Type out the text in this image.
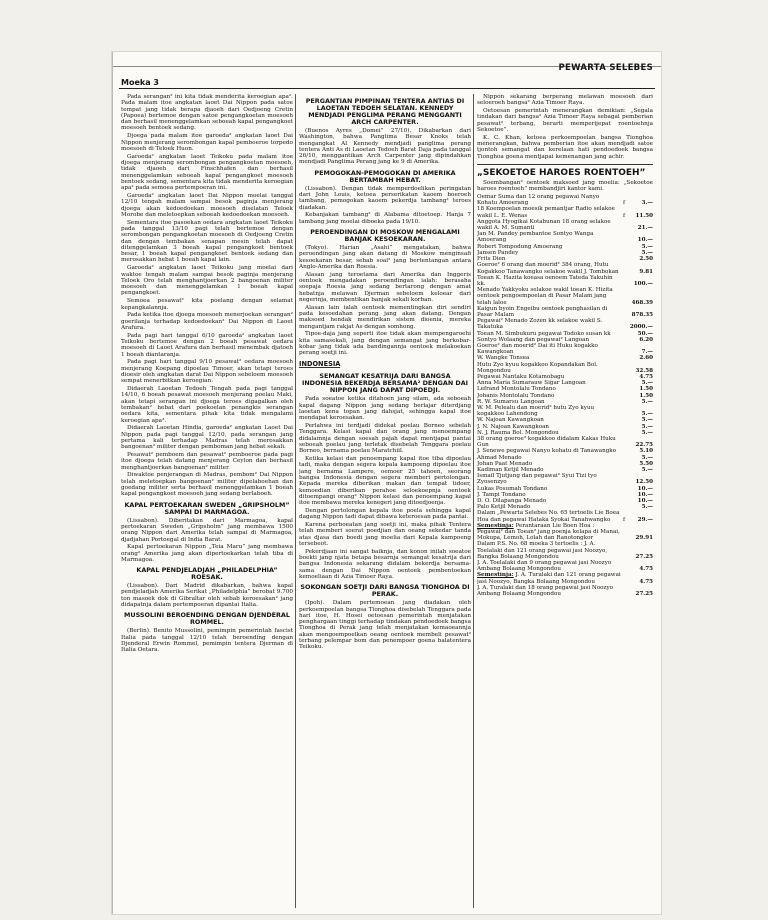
Moeka 3
PEWARTA SELEBES

Pada serangan² ini kita tidak menderita keroegian apa². Pada malam itoe angkatan laoet Dai Nippon pada satoe tempat jang tidak berapa djaoeh dari Oedjoeng Cretin (Papoea) bertemoe dengan satoe pengangkoetan moesoeh dan berhasil menenggelamkan seboeah kapal pengangkoet moesoeh bentoek sedang.

Djoega pada malam itoe garoeda² angkatan laoet Dai Nippon menjerang serombongan kapal pemboeroe torpedo moesoeh di Teloek Huon.

Garoeda² angkatan laoet Teikoku pada malam itoe djoega menjerang serombongan pengangkoetan moesoeh, tidak djaoeh dari Finschhafen dan berhasil menenggelamkan seboeah kapal pengangkoet moesoeh bentoek sedang, sementara kita tidak menderita keroegian apa² pada semoea pertempoeran ini.

Garoeda² angkatan laoet Dai Nippon moelai tanggal 12/10 tengah malam sampai besok paginja menjerang djoega akan kedoedoekan moesoeh diselatan Teloek Morobe dan meletoepkan seboeah kedoedoekan moesoeh.

Sementara itoe pasoekan oedara angkatan laoet Teikoku pada tanggal 13/10 pagi telah bertemoe dengan serombongan pengangkoetan moesoeh di Oedjoeng Cretin dan dengan tembakan senapan mesin telah dapat ditenggelamkan 3 boeah kapal pengangkoet bentoek besar, 1 boeah kapal pengangkoet bentoek sedang dan merosakkan hebat 1 boeah kapal lain.

Garoeda² angkatan laoet Teikoku jang moelai dari waktoe tengah malam sampai besok paginja menjerang Teloek Oro telah menghantjoerkan 2 bangoenan militer moesoeh dan menenggelamkan 1 boeah kapal pengangkoet.

Semoea pesawat² kita poelang dengan selamat kepangkalannja.

Pada ketika itoe djoega moesoeh menerjoekan serangan² goerilanja terhadap kedoedoekan² Dai Nippon di Laoet Arafura.

Pada pagi hari tanggal 6/10 garoeda² angkatan laoet Teikoku bertemoe dengan 2 boeah pesawat oedara moesoeh di Laoet Arafura dan berhasil menembak djatoeh 1 boeah diantaranja.

Pada pagi hari tanggal 9/10 pesawat² oedara moesoeh menjerang Koepang dipoelau Timoer, akan tetapi teroes dioesir oleh angkatan darat Dai Nippon sebeloem moesoeh sempat menerbitkan keroegian.

Didaerah Laoetan Tedoeh Tengah pada pagi tanggal 14/10, 6 boeah pesawat moesoeh menjerang poelau Maki, akan tetapi serangan ini djoega teroes digagalkan oleh tembakan² hebat dari poekoelan penangkis serangan oedara kita, sementara pihak kita tidak mengalami keroegian apa².

Didaerah Laoetan Hindia, garoeda² angkatan Laoet Dai Nippon pada pagi tanggal 12/10, pada serangan jang pertama kali terhadap Madras telah merosakkan bangoenan² militer dengan pemboman jang hebat sekali.

Pesawat² pemboem dan pesawat² pemboeroe pada pagi itoe djoega telah datang menjerang Ceylon dan berhasil menghantjoerkan bangoenan² militer.

Diwaktoe penjerangan di Madras, pembom² Dai Nippon telah meletoepkan bangoenan² militer dipelaboehan dan goedang militer serta berhasil menenggelamkan 1 boeah kapal pengangkoet moesoeh jang sedang berlaboeh.

KAPAL PERTOEKARAN SWEDEN „GRIPSHOLM” SAMPAI DI MARMAGOA.

(Lissabon). Diberitakan dari Marmagoa, kapal pertoekaran Sweden „Gripsholm” jang membawa 1500 orang Nippon dari Amerika telah sampai di Marmagoa, djadjahan Portoegal di India Barat.

Kapal pertoekaran Nippon „Teia Maru” jang membawa orang² Amerika jang akan dipertoekarkan telah tiba di Marmagoa.

KAPAL PENDJELADJAH „PHILADELPHIA” ROESAK.

(Lissabon). Dari Madrid dikabarkan, bahwa kapal pendjeladjah Amerika Serikat „Philadelphia” berobat 9.700 ton masoek dok di Gibraltar oleh sebab keroesakan² jang didapatnja dalam pertempoeran dipantai Italia.

MUSSOLINI BEROENDING DENGAN DJENDERAL ROMMEL.

(Berlin). Benito Mussolini, pemimpin pemerintah fascist Italia pada tanggal 12/10 telah beroending dengan Djenderal Erwin Rommel, pemimpin tentera Djerman di Italia Oetara.

PERGANTIAN PIMPINAN TENTERA ANTIAS DI LAOETAN TEDOEH SELATAN. KENNEDY MENDJADI PENGLIMA PERANG MENGGANTI ARCH CARPENTER.

(Buenos Ayres „Domei” 27/10). Dikabarkan dari Washington, bahwa Panglima Besar Knoks telah mengangkat Al Kennedy mendjadi panglima perang tentera Anti As di Laoetan Tedoeh Barat Daja pada tanggal 26/10, menggantikan Arch Carpenter jang dipindahkan mendjadi Panglima Perang jang ke 9 di Amerika.

PEMOGOKAN-PEMOGOKAN DI AMERIKA BERTAMBAH HEBAT.

(Lissabon). Dengan tidak memperdoelikan peringatan dari John Louis, ketoea perserikatan kaoem boeroeh tambang, pemogokan kaoem pekerdja tambang² teroes diadakan.

Kebanjakan tambang² di Alabama ditoetoep. Hanja 7 tambang jang moelai diboeka pada 19/10.

PEROENDINGAN DI MOSKOW MENGALAMI BANJAK KESOEKARAN.

(Tokyo). Harian „Asahi” mengatakan, bahwa peroendingan jang akan datang di Moskow menginsafi kesoekaran besar, sebab soal² jang bertentangan antara Anglo-Amerika dan Roesia.

Alasan jang teroetama dari Amerika dan Inggeris oentoek mengadakan peroendingan ialah: berasaha soepaja Roesia jang sedang bertarong dengan amat hebatnja melawan Djerman sebeloem keloear dari negerinja, membentikan banjak sekali korban.

Alasan lain ialah oentoek mementingkan diri sendiri pada kesoedahan perang jang akan datang. Dengan maksoed hendak mendirikan sistem dioenia, mereka mengantjam rakjat As dengan somhong.

Tipoe-daja jang seperti itoe tidak akan mempengaroehi kita samasekali, jang dengan semangat jang berkobar-kobar jang tidak ada bandingannja oentoek melakoekan perang soetji ini.

INDONESIA
SEMANGAT KESATRIJA DARI BANGSA INDONESIA BEKERDJA BERSAMA² DENGAN DAI NIPPON JANG DAPAT DIPOEDJI.

Pada soeatoe ketika ditahoen jang silam, ada seboeah kapal dagang Nippon jang sedang berlajar diterdjang laoetan kena topan jang dahsjat, sehingga kapal itoe mendapat keroesakan.

Perlahwa ini terdjadi didekat poelau Borneo sebelah Tenggara. Kelasi kapal dan orang jang menoempang didalamnja dengan soesah pajah dapat mentjapai pantai seboeah poelau jang terletak disebelah Tenggara poelau Borneo, bernama poelau Maratchiil.

Ketika kelasi dan penoempang kapal itoe tiba dipoelau tadi, maka dengan segera kepala kampoeng dipoelau itoe jang bernama Lampere, oemoer 25 tahoen, seorang bangsa Indonesia dengan segera memberi pertolongan. Kepada mereka diberikan makan dan tempat tidoer, kemoedian diberikan perahoe seloekoepnja oentoek ditoempangi orang² Nippon kelasi dan penoempang kapal itoe membawa mereka kenegeri jang ditoedjoenja.

Dengan pertolongan kepala itoe poela sehingga kapal dagang Nippon tadi dapat dibawa keteroesan pada pantai.

Karena perboeatan jang soetji ini, maka pihak Tentera telah memberi soerat poedjian dan oeang sekedar tanda atas djasa dan boedi jang moelia dari Kepala kampoeng tersebeot.

Pekerdjaan ini sangat baiknja, dan konon inilah soeatoe boekti jang njata betapa besarnja semangat kesatrija dari bangsa Indonesia sekarang didalam bekerdja bersama-sama dengan Dai Nippon oentoek pembentoekan kemoeliaan di Azia Timoer Raya.

SOKONGAN SOETJI DARI BANGSA TIONGHOA DI PERAK.

(Ipoh). Dalam pertemoean jang diadakan oleh perkoempoelan bangsa Tionghoa disebelah Tenggara pada hari itoe, H. Hosei oetoesan pemerintah menjatakan penghargaan tinggi terhadap tindakan pendoedoek bangsa Tionghoa di Perak jang telah menjatakan kemaoeannja akan mengoempoelkan oeang oentoek membeli pesawat² terbang pelempar bom dan penempoer goena balatentera Teikoku.

Nippon sekarang berperang melawan moesoeh dari seloeroeh bangsa² Azia Timoer Raya.

Oetoesan pemerintah menerangkan demikian: „Segala tindakan dari bangsa² Azia Timoer Raya sebagai pemberian pesawat² terbang, berarti memperijepat roentoehnja Sekoetoe”.

K. C. Khan, ketoea perkoempoelan bangsa Tionghoa menerangkan, bahwa pemberian itoe akan mendjadi satoe tjontoh semangat dan kerelaan hati pendoedoek bangsa Tionghoa goena mentjapai kemenangan jang achir.

„SEKOETOE HAROES ROENTOEH”

Soembangan² oentoek maksoed jang moelia: „Sekoetoe haroes roentoeh” membandjiri kantor kami.

Oemar Suma dan 12 orang pegawai Nanyo Kohatu Amoerang	f	3.—
18 Koempoelan moesik pemantjar Radio selakoe wakil L. E. Wenas	f	11.50
Anggota Hyogikai Kotabunan 18 orang selakoe wakil A. M. Sumanti	21.—
Jan M. Pandey pembantoe Sontyo Wanga Amoerang	10.—
Robert Tompodung Amoerang	5.—
Jansen Pandey	5.—
Frits Dien	2.50
Goeroe² 6 orang dan moerid² 384 orang, Hutu Kogakkoo Tanawangko selakoe wakil J. Tombokan	9.81
Toean K. Hazita koeasa oenoem Tateda Yakuhin kk.	100.—
Menado Yakkyoku selakoe wakil toean K. Hizita oentoek pengoempoelan di Pasar Malam jang telah laloe	468.39
Kaigun byoin Engeibu oentoek penghasilan di Pasar Malam	878.35
Pegawai² Menado Zozen kk selakoe wakil S. Takatuka	2000.—
Toean M. Simbukuru pegawai Todoko susan kk	50.—
Sontyo Wolaang dan pegawai² Langoan	6.20
Goeroe² dan moerid² Dai iti Huku kogakko Kawangkoan	7.—
W. Wangke Tonsea	2.60
Hutu Zyo kyuu kogakkoo Kopandakan Bol. Mongondou	32.58
Pegawai Nantaku Kotamobagu	4.75
Anna Maria Sumarauw Sigar Langoan	5.—
Lefrand Montolalu Tondano	1.50
Johanis Montolalu Tondano	1.50
R. W. Sumarsu Langoan	5.—
W. M. Pelealu dan moerid² hutu Zyo kyuu kogakkoo Lahendong	5.—
W. Najoan Kawangkoan	5.—
J. N. Najoan Kawangkoan	5.—
N. J. Rauma Bol. Mongondou	5.—
38 orang goeroe² kogakkoo didalam Kakas Huku Gun	22.75
J. Senewe pegawai Nanyo kohatu di Tanawangko	5.10
Ahmad Menado	5.—
Johan Paat Menado	5.50
Kadiman Ketjil Menado	5.—
Ismail Tjutjung dan pegawai² Syui Tizi tyo Zyosenzyo	12.50
Lukas Posumah Tondano	10.—
J. Tampi Tondano	10.—
D. O. Dilapanga Menado	10.—
Palo Ketjil Menado	5.—
Dalam „Pewarta Selebes No. 65 tertoelis Lie Boea Hoa dan pegawai Hataka Syokai Tanahwangko	f	29.—
Semestinja: Perantaraan Lie Boen Hoa : Pegawai² dan Toean² jang poenja kelapa di Manai, Mokupa, Lemoh, Lolah dan Ranotongkor	29.91
Dalam P.S. No. 68 moeka 3 tertoelis : J. A. Toelalaki dan 121 orang pegawai jasi Noozyo, Bangka Bolaang Mongondou	27.25
J. A. Toelalaki dan 9 orang pegawai jasi Noozyo Ambang Bolaang Mongondou	4.75
Semestinja: J. A. Turalaki dan 121 orang pegawai jasi Noozyo, Bangka Bolaang Mongondou	4.75
J. A. Turalaki dan 18 orang pegawai jasi Noozyo Ambang Bolaang Mongondou	27.25
